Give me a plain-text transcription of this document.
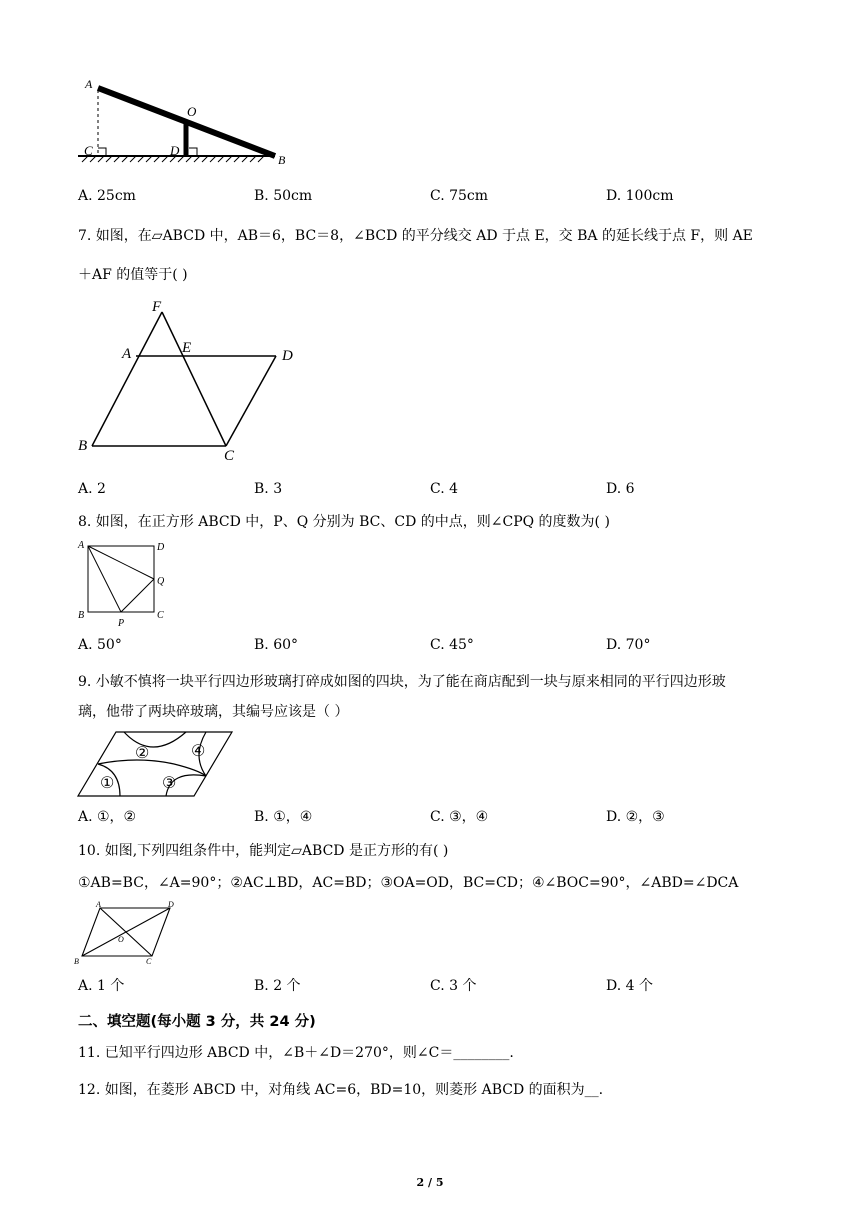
A
O
C	D
B
A. 25cm	B. 50cm	C. 75cm	D. 100cm
7. 如图，在▱ABCD 中，AB＝6，BC＝8，∠BCD 的平分线交 AD 于点 E，交 BA 的延长线于点 F，则 AE
＋AF 的值等于( )
F
A	E	D
B
C
A. 2	B. 3	C. 4	D. 6
8. 如图，在正方形 ABCD 中，P、Q 分别为 BC、CD 的中点，则∠CPQ 的度数为( )
A	D
Q
B
P
C
A. 50°	B. 60°	C. 45°	D. 70°
9. 小敏不慎将一块平行四边形玻璃打碎成如图的四块，为了能在商店配到一块与原来相同的平行四边形玻
璃，他带了两块碎玻璃，其编号应该是（ ）
②	④
①	③
A. ①，②	B. ①，④	C. ③，④	D. ②，③
10. 如图,下列四组条件中，能判定▱ABCD 是正方形的有( )
①AB=BC，∠A=90°；②AC⊥BD，AC=BD；③OA=OD，BC=CD；④∠BOC=90°，∠ABD=∠DCA
A	D
O
B	C
A. 1 个	B. 2 个	C. 3 个	D. 4 个
二、填空题(每小题 3 分，共 24 分)
11. 已知平行四边形 ABCD 中，∠B＋∠D＝270°，则∠C＝________.
12. 如图，在菱形 ABCD 中，对角线 AC=6，BD=10，则菱形 ABCD 的面积为__.
2 / 5
